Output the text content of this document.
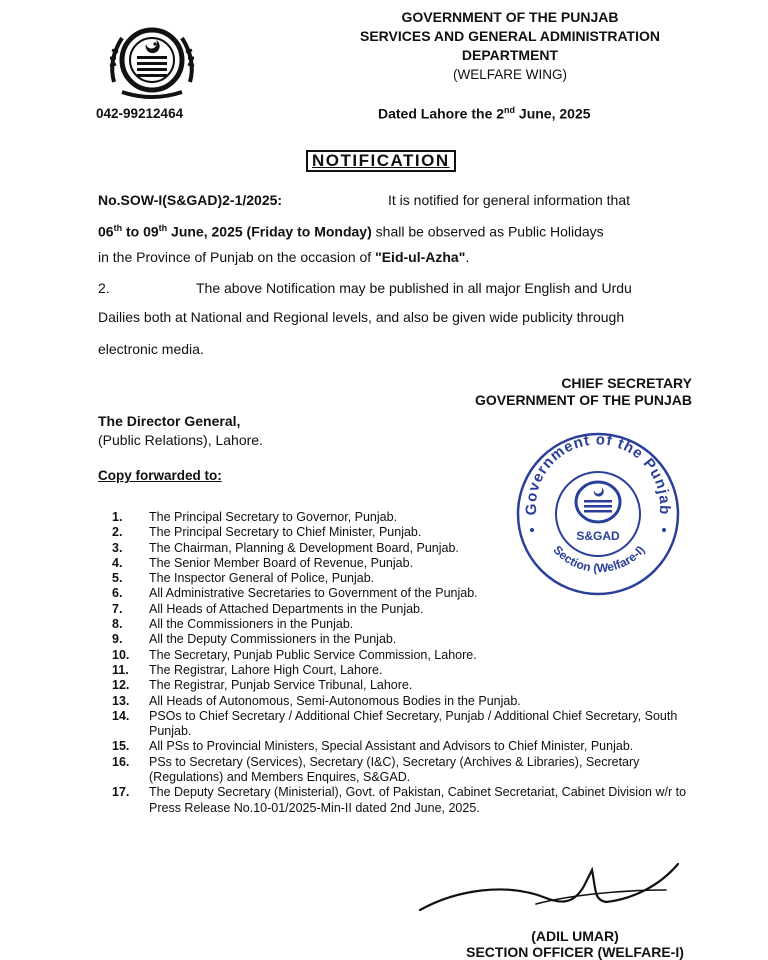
042-99212464
GOVERNMENT OF THE PUNJAB
SERVICES AND GENERAL ADMINISTRATION
DEPARTMENT
(WELFARE WING)
Dated Lahore the 2nd June, 2025
NOTIFICATION
No.SOW-I(S&GAD)2-1/2025:	It is notified for general information that
06th to 09th June, 2025 (Friday to Monday) shall be observed as Public Holidays
in the Province of Punjab on the occasion of "Eid-ul-Azha".
2.	The above Notification may be published in all major English and Urdu
Dailies both at National and Regional levels, and also be given wide publicity through
electronic media.
CHIEF SECRETARY
GOVERNMENT OF THE PUNJAB
The Director General,
(Public Relations), Lahore.
Copy forwarded to:
1.	The Principal Secretary to Governor, Punjab.
2.	The Principal Secretary to Chief Minister, Punjab.
3.	The Chairman, Planning & Development Board, Punjab.
4.	The Senior Member Board of Revenue, Punjab.
5.	The Inspector General of Police, Punjab.
6.	All Administrative Secretaries to Government of the Punjab.
7.	All Heads of Attached Departments in the Punjab.
8.	All the Commissioners in the Punjab.
9.	All the Deputy Commissioners in the Punjab.
10.	The Secretary, Punjab Public Service Commission, Lahore.
11.	The Registrar, Lahore High Court, Lahore.
12.	The Registrar, Punjab Service Tribunal, Lahore.
13.	All Heads of Autonomous, Semi-Autonomous Bodies in the Punjab.
14.	PSOs to Chief Secretary / Additional Chief Secretary, Punjab / Additional Chief Secretary, South Punjab.
15.	All PSs to Provincial Ministers, Special Assistant and Advisors to Chief Minister, Punjab.
16.	PSs to Secretary (Services), Secretary (I&C), Secretary (Archives & Libraries), Secretary (Regulations) and Members Enquires, S&GAD.
17.	The Deputy Secretary (Ministerial), Govt. of Pakistan, Cabinet Secretariat, Cabinet Division w/r to Press Release No.10-01/2025-Min-II dated 2nd June, 2025.
Government of the Punjab
Section (Welfare-I)
S&GAD
(ADIL UMAR)
SECTION OFFICER (WELFARE-I)
